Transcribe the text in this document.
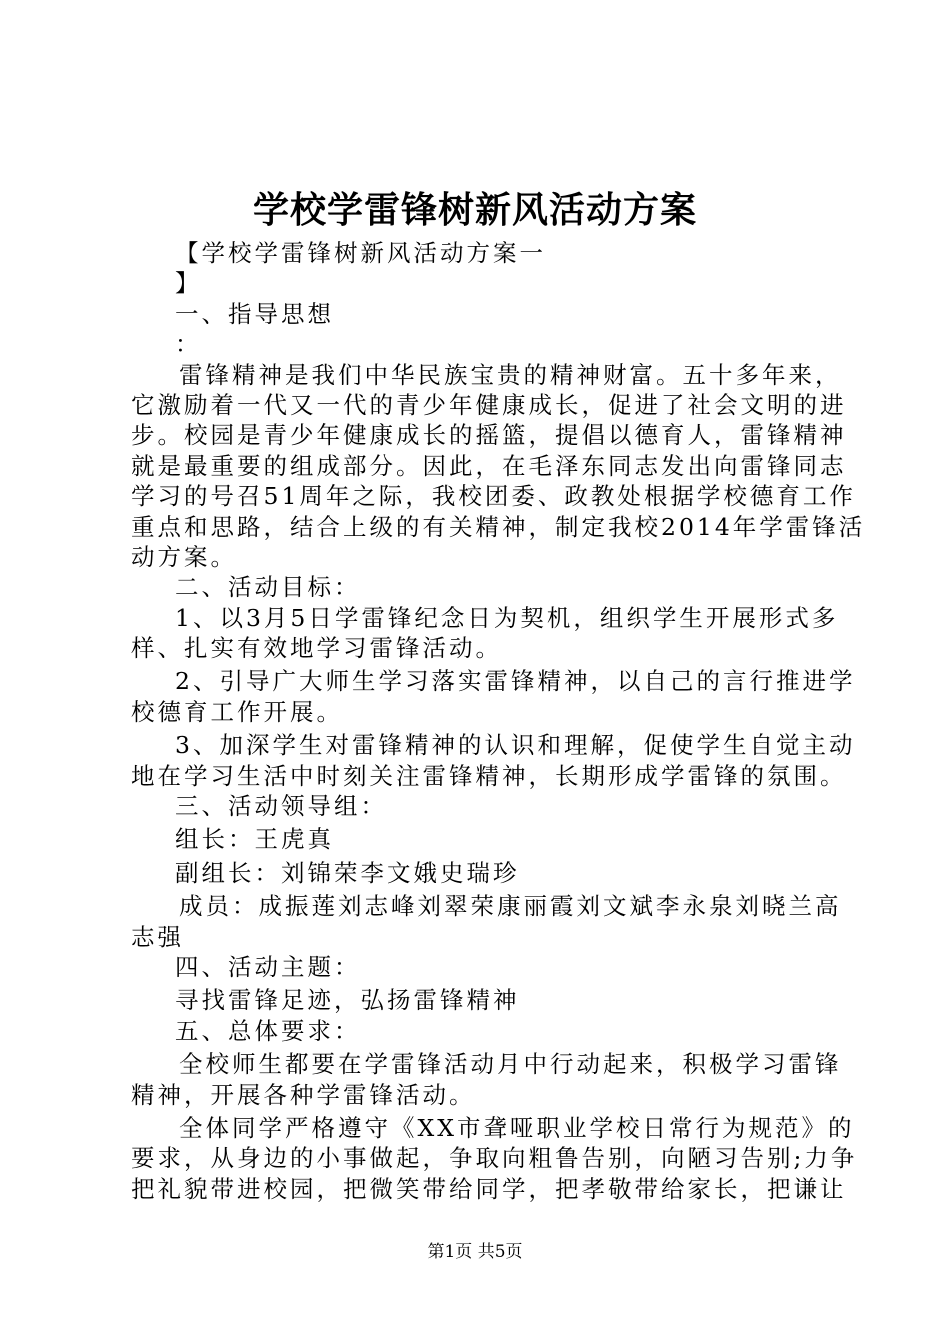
学校学雷锋树新风活动方案
【学校学雷锋树新风活动方案一
】
一、指导思想
：
雷锋精神是我们中华民族宝贵的精神财富。五十多年来，
它激励着一代又一代的青少年健康成长，促进了社会文明的进
步。校园是青少年健康成长的摇篮，提倡以德育人，雷锋精神
就是最重要的组成部分。因此，在毛泽东同志发出向雷锋同志
学习的号召51周年之际，我校团委、政教处根据学校德育工作
重点和思路，结合上级的有关精神，制定我校2014年学雷锋活
动方案。
二、活动目标：
1、以3月5日学雷锋纪念日为契机，组织学生开展形式多
样、扎实有效地学习雷锋活动。
2、引导广大师生学习落实雷锋精神，以自己的言行推进学
校德育工作开展。
3、加深学生对雷锋精神的认识和理解，促使学生自觉主动
地在学习生活中时刻关注雷锋精神，长期形成学雷锋的氛围。
三、活动领导组：
组长：王虎真
副组长：刘锦荣李文娥史瑞珍
成员：成振莲刘志峰刘翠荣康丽霞刘文斌李永泉刘晓兰高
志强
四、活动主题：
寻找雷锋足迹，弘扬雷锋精神
五、总体要求：
全校师生都要在学雷锋活动月中行动起来，积极学习雷锋
精神，开展各种学雷锋活动。
全体同学严格遵守《XX市聋哑职业学校日常行为规范》的
要求，从身边的小事做起，争取向粗鲁告别，向陋习告别;力争
把礼貌带进校园，把微笑带给同学，把孝敬带给家长，把谦让
第1页 共5页
